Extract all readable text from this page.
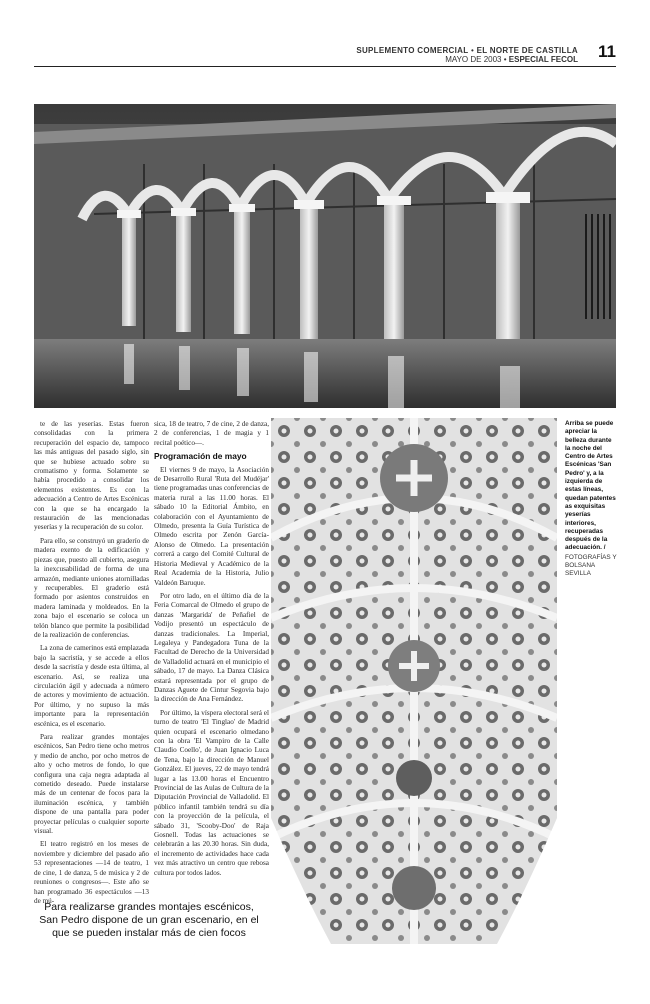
SUPLEMENTO COMERCIAL • EL NORTE DE CASTILLA
MAYO DE 2003 • ESPECIAL FECOL 11

te de las yeserías. Estas fueron consolidadas con la primera recuperación del espacio de, tampoco las más antiguas del pasado siglo, sin que se hubiese actuado sobre su cromatismo y forma. Solamente se había procedido a consolidar los elementos existentes. Es con la adecuación a Centro de Artes Escénicas con la que se ha encargado la restauración de las mencionadas yeserías y la recuperación de su color.

Para ello, se construyó un graderío de madera exento de la edificación y piezas que, puesto all cubierto, asegura la inexcusabilidad de forma de una armazón, mediante uniones atornilladas y recuperables. El graderío está formado por asientos construidos en madera laminada y moldeados. En la zona bajo el escenario se coloca un telón blanco que permite la posibilidad de la realización de conferencias.

La zona de camerinos está emplazada bajo la sacristía, y se accede a ellos desde la sacristía y desde esta última, al escenario. Así, se realiza una circulación ágil y adecuada a número de actores y movimiento de actuación. Por último, y no supuso la más importante para la representación escénica, es el escenario.

Para realizar grandes montajes escénicos, San Pedro tiene ocho metros y medio de ancho, por ocho metros de alto y ocho metros de fondo, lo que configura una caja negra adaptada al cometido deseado. Puede instalarse más de un centenar de focos para la iluminación escénica, y también dispone de una pantalla para poder proyectar películas o cualquier soporte visual.

El teatro registró en los meses de noviembre y diciembre del pasado año 53 representaciones —14 de teatro, 1 de cine, 1 de danza, 5 de música y 2 de reuniones o congresos—. Este año se han programado 36 espectáculos —13 de mú-

sica, 18 de teatro, 7 de cine, 2 de danza, 2 de conferencias, 1 de magia y 1 recital poético—.

Programación de mayo

El viernes 9 de mayo, la Asociación de Desarrollo Rural 'Ruta del Mudéjar' tiene programadas unas conferencias de materia rural a las 11.00 horas. El sábado 10 la Editorial Ámbito, en colaboración con el Ayuntamiento de Olmedo, presenta la Guía Turística de Olmedo escrita por Zenón García-Alonso de Olmedo. La presentación correrá a cargo del Comité Cultural de Historia Medieval y Académico de la Real Academia de la Historia, Julio Valdeón Baruque.

Por otro lado, en el último día de la Feria Comarcal de Olmedo el grupo de danzas 'Margarida' de Peñafiel de Vodijo presentó un espectáculo de danzas tradicionales. La Imperial, Legaleya y Pandegadora Tuna de la Facultad de Derecho de la Universidad de Valladolid actuará en el municipio el sábado, 17 de mayo. La Danza Clásica estará representada por el grupo de Danzas Aguete de Cintur Segovia bajo la dirección de Ana Fernández.

Por último, la víspera electoral será el turno de teatro 'El Tinglao' de Madrid quien ocupará el escenario olmedano con la obra 'El Vampiro de la Calle Claudio Coello', de Juan Ignacio Luca de Tena, bajo la dirección de Manuel González. El jueves, 22 de mayo tendrá lugar a las 13.00 horas el Encuentro Provincial de las Aulas de Cultura de la Diputación Provincial de Valladolid. El público infantil también tendrá su día con la proyección de la película, el sábado 31, 'Scooby-Doo' de Raja Gosnell. Todas las actuaciones se celebrarán a las 20.30 horas. Sin duda, el incremento de actividades hace cada vez más atractivo un centro que rebosa cultura por todos lados.

Arriba se puede apreciar la belleza durante la noche del Centro de Artes Escénicas 'San Pedro' y, a la izquierda de estas líneas, quedan patentes as exquisitas yeserías interiores, recuperadas después de la adecuación. /
FOTOGRAFÍAS Y BOLSANA SEVILLA
Para realizarse grandes montajes escénicos, San Pedro dispone de un gran escenario, en el que se pueden instalar más de cien focos
